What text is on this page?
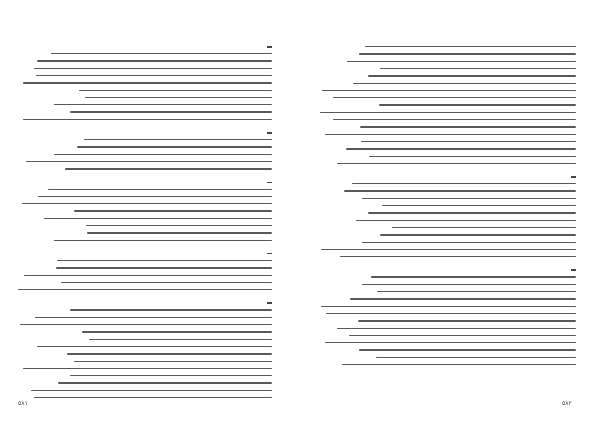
۵۸۱	۵۸۲
